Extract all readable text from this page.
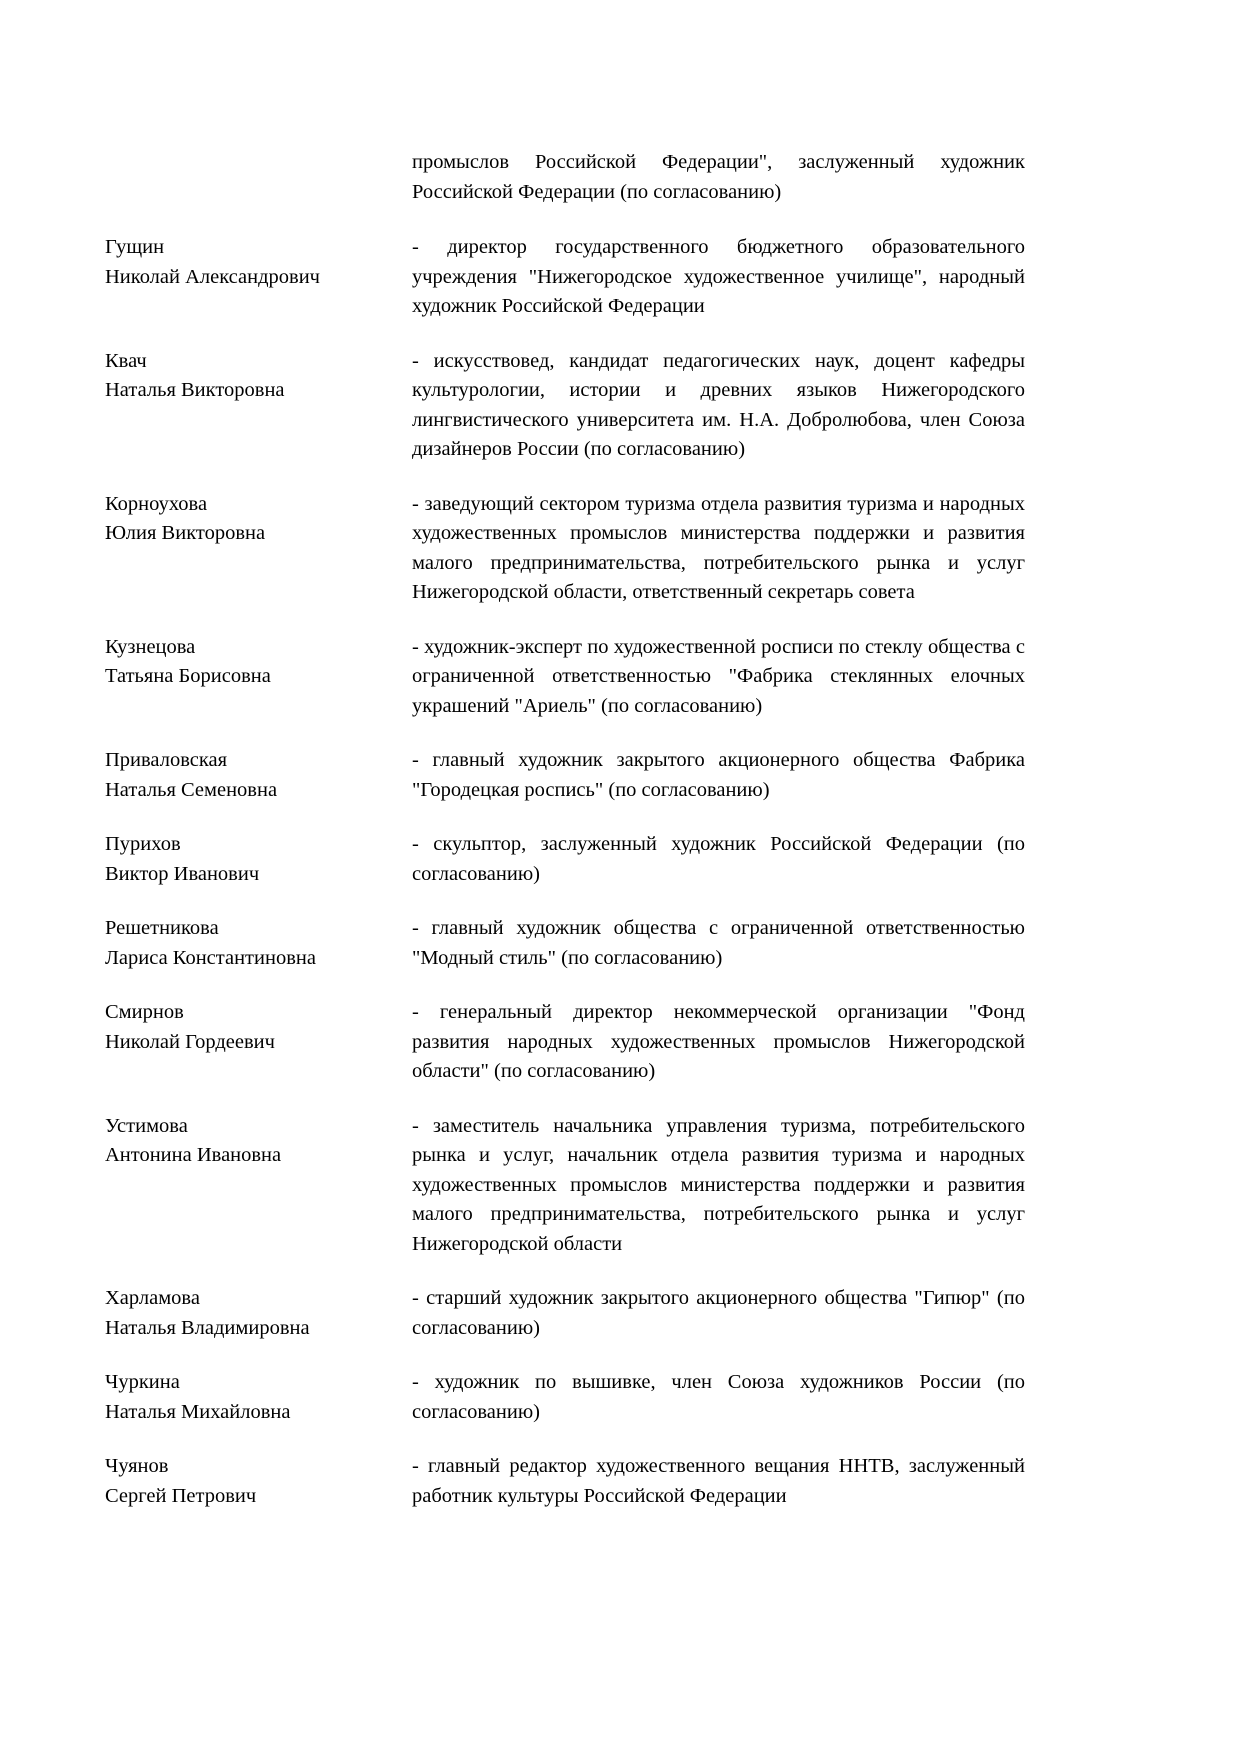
промыслов Российской Федерации", заслуженный художник Российской Федерации (по согласованию)
Гущин
Николай Александрович
- директор государственного бюджетного образовательного учреждения "Нижегородское художественное училище", народный художник Российской Федерации
Квач
Наталья Викторовна
- искусствовед, кандидат педагогических наук, доцент кафедры культурологии, истории и древних языков Нижегородского лингвистического университета им. Н.А. Добролюбова, член Союза дизайнеров России (по согласованию)
Корноухова
Юлия Викторовна
- заведующий сектором туризма отдела развития туризма и народных художественных промыслов министерства поддержки и развития малого предпринимательства, потребительского рынка и услуг Нижегородской области, ответственный секретарь совета
Кузнецова
Татьяна Борисовна
- художник-эксперт по художественной росписи по стеклу общества с ограниченной ответственностью "Фабрика стеклянных елочных украшений "Ариель" (по согласованию)
Приваловская
Наталья Семеновна
- главный художник закрытого акционерного общества Фабрика "Городецкая роспись" (по согласованию)
Пурихов
Виктор Иванович
- скульптор, заслуженный художник Российской Федерации (по согласованию)
Решетникова
Лариса Константиновна
- главный художник общества с ограниченной ответственностью "Модный стиль" (по согласованию)
Смирнов
Николай Гордеевич
- генеральный директор некоммерческой организации "Фонд развития народных художественных промыслов Нижегородской области" (по согласованию)
Устимова
Антонина Ивановна
- заместитель начальника управления туризма, потребительского рынка и услуг, начальник отдела развития туризма и народных художественных промыслов министерства поддержки и развития малого предпринимательства, потребительского рынка и услуг Нижегородской области
Харламова
Наталья Владимировна
- старший художник закрытого акционерного общества "Гипюр" (по согласованию)
Чуркина
Наталья Михайловна
- художник по вышивке, член Союза художников России (по согласованию)
Чуянов
Сергей Петрович
- главный редактор художественного вещания ННТВ, заслуженный работник культуры Российской Федерации
